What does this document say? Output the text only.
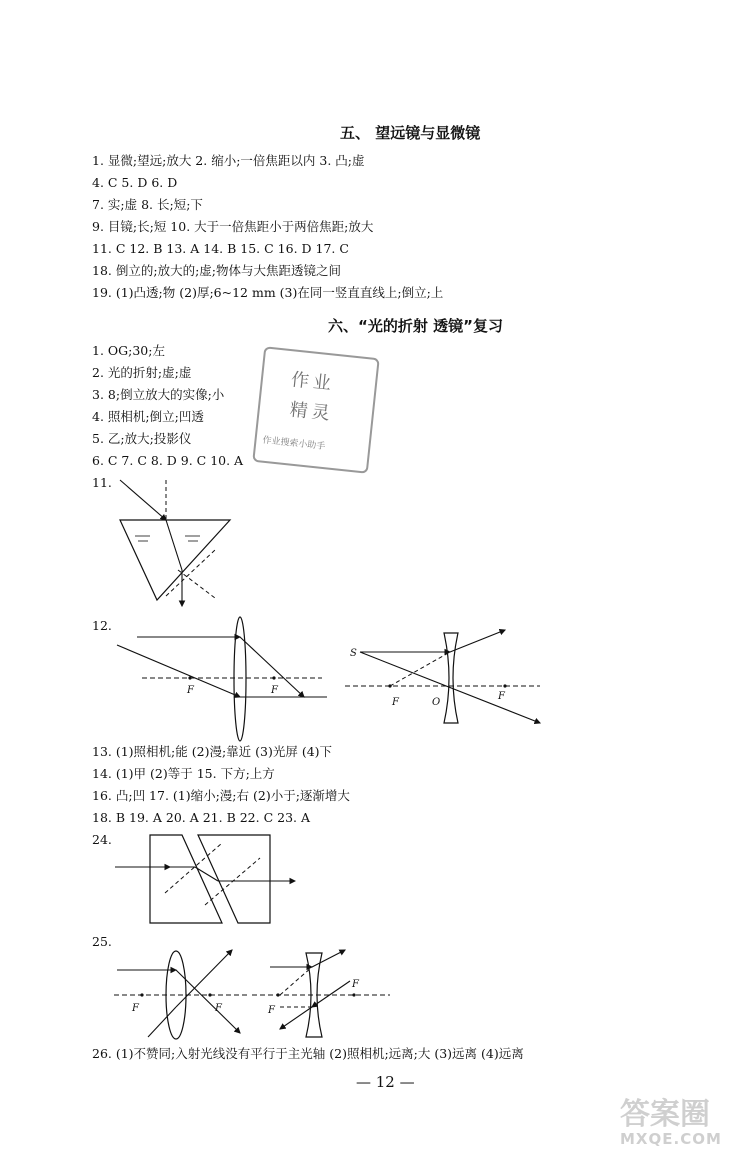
五、 望远镜与显微镜
1. 显微;望远;放大 2. 缩小;一倍焦距以内 3. 凸;虚
4. C 5. D 6. D
7. 实;虚 8. 长;短;下
9. 目镜;长;短 10. 大于一倍焦距小于两倍焦距;放大
11. C 12. B 13. A 14. B 15. C 16. D 17. C
18. 倒立的;放大的;虚;物体与大焦距透镜之间
19. (1)凸透;物 (2)厚;6~12 mm (3)在同一竖直直线上;倒立;上
六、“光的折射 透镜”复习
1. OG;30;左
2. 光的折射;虚;虚
3. 8;倒立放大的实像;小
4. 照相机;倒立;凹透
5. 乙;放大;投影仪
6. C 7. C 8. D 9. C 10. A
作业
精灵
作业搜索小助手
11.
12.
F	F
S
F	O
F
13. (1)照相机;能 (2)漫;靠近 (3)光屏 (4)下
14. (1)甲 (2)等于 15. 下方;上方
16. 凸;凹 17. (1)缩小;漫;右 (2)小于;逐渐增大
18. B 19. A 20. A 21. B 22. C 23. A
24.
25.
F	F	F
F
26. (1)不赞同;入射光线没有平行于主光轴 (2)照相机;远离;大 (3)远离 (4)远离
— 12 —
答案圈
MXQE.COM
